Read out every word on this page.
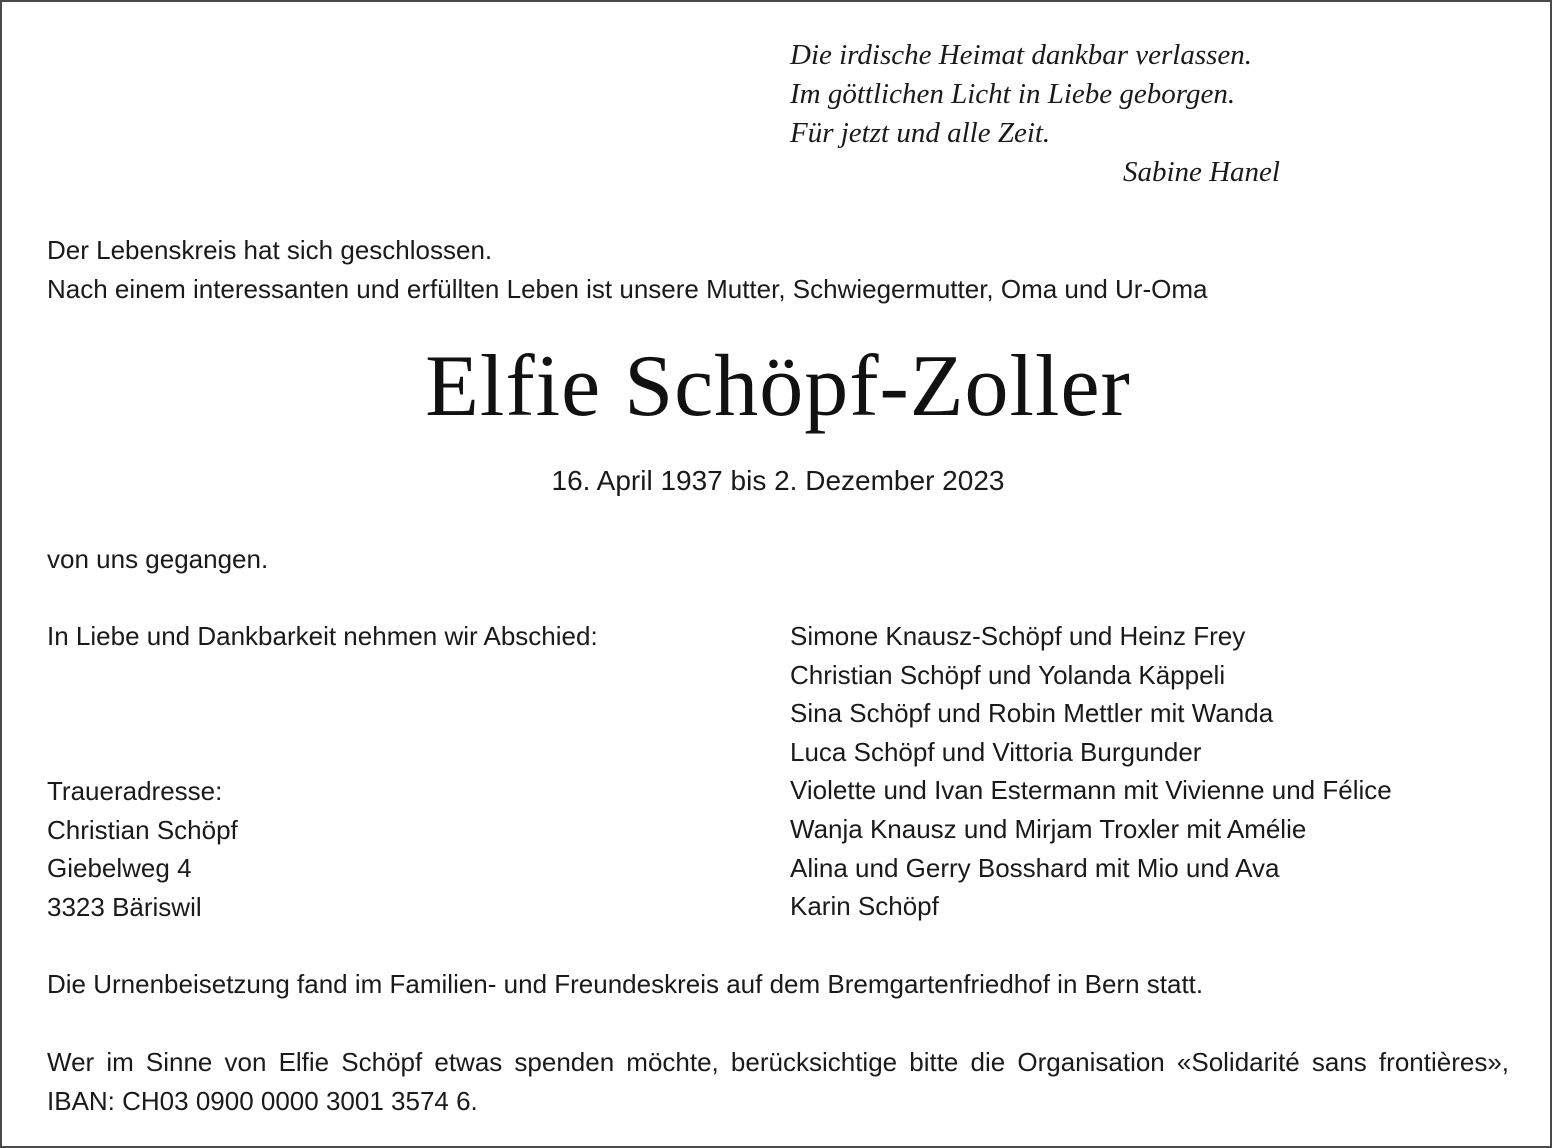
Die irdische Heimat dankbar verlassen.
Im göttlichen Licht in Liebe geborgen.
Für jetzt und alle Zeit.
Sabine Hanel
Der Lebenskreis hat sich geschlossen.
Nach einem interessanten und erfüllten Leben ist unsere Mutter, Schwiegermutter, Oma und Ur-Oma
Elfie Schöpf-Zoller
16. April 1937 bis 2. Dezember 2023
von uns gegangen.
In Liebe und Dankbarkeit nehmen wir Abschied:	Simone Knausz-Schöpf und Heinz Frey
Christian Schöpf und Yolanda Käppeli
Sina Schöpf und Robin Mettler mit Wanda
Luca Schöpf und Vittoria Burgunder
Violette und Ivan Estermann mit Vivienne und Félice
Wanja Knausz und Mirjam Troxler mit Amélie
Alina und Gerry Bosshard mit Mio und Ava
Karin Schöpf
Traueradresse:
Christian Schöpf
Giebelweg 4
3323 Bäriswil
Die Urnenbeisetzung fand im Familien- und Freundeskreis auf dem Bremgartenfriedhof in Bern statt.
Wer im Sinne von Elfie Schöpf etwas spenden möchte, berücksichtige bitte die Organisation «Solidarité sans frontières», IBAN: CH03 0900 0000 3001 3574 6.
